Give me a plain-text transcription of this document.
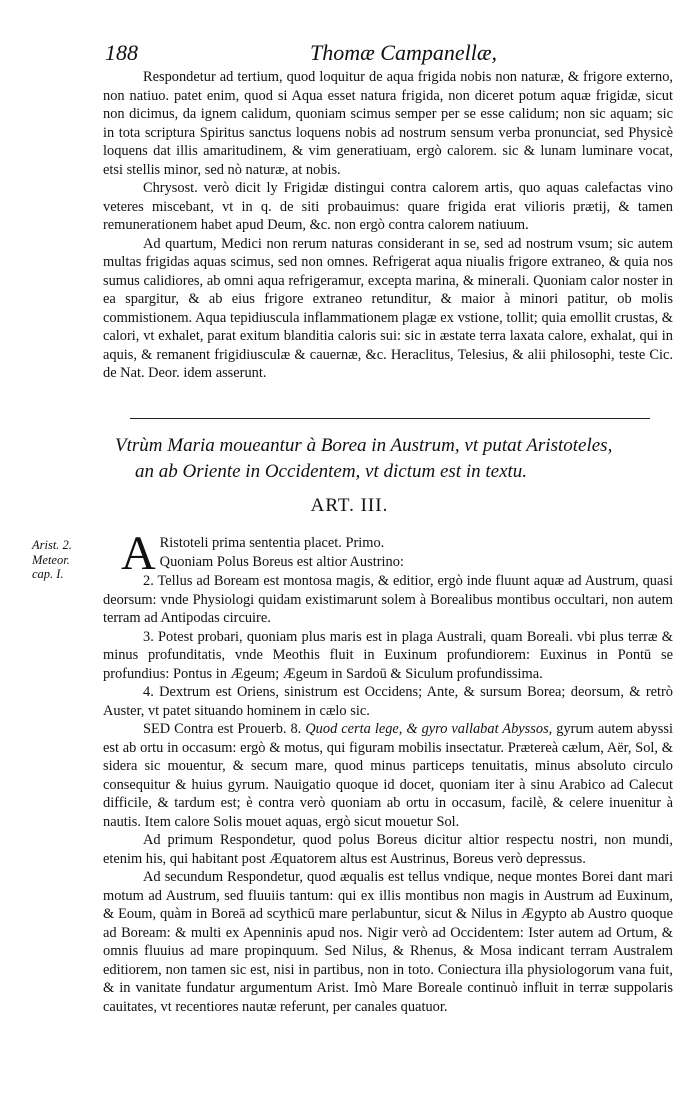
188	Thomæ Campanellæ,

Respondetur ad tertium, quod loquitur de aqua frigida nobis non naturæ, & frigore externo, non natiuo. patet enim, quod si Aqua esset natura frigida, non diceret potum aquæ frigidæ, sicut non dicimus, da ignem calidum, quoniam scimus semper per se esse calidum; non sic aquam; sic in tota scriptura Spiritus sanctus loquens nobis ad nostrum sensum verba pronunciat, sed Physicè loquens dat illis amaritudinem, & vim generatiuam, ergò calorem. sic & lunam luminare vocat, etsi stellis minor, sed nò naturæ, at nobis.

Chrysost. verò dicit ly Frigidæ distingui contra calorem artis, quo aquas calefactas vino veteres miscebant, vt in q. de siti probauimus: quare frigida erat vilioris prætij, & tamen remunerationem habet apud Deum, &c. non ergò contra calorem natiuum.

Ad quartum, Medici non rerum naturas considerant in se, sed ad nostrum vsum; sic autem multas frigidas aquas scimus, sed non omnes. Refrigerat aqua niualis frigore extraneo, & quia nos sumus calidiores, ab omni aqua refrigeramur, excepta marina, & minerali. Quoniam calor noster in ea spargitur, & ab eius frigore extraneo retunditur, & maior à minori patitur, ob molis commistionem. Aqua tepidiuscula inflammationem plagæ ex vstione, tollit; quia emollit crustas, & calori, vt exhalet, parat exitum blanditia caloris sui: sic in æstate terra laxata calore, exhalat, qui in aquis, & remanent frigidiusculæ & cauernæ, &c. Heraclitus, Telesius, & alii philosophi, teste Cic. de Nat. Deor. idem asserunt.

Vtrùm Maria moueantur à Borea in Austrum, vt putat Aristoteles,
an ab Oriente in Occidentem, vt dictum est in textu.
ART. III.
Arist. 2.
Meteor.
cap. I.	A Ristoteli prima sententia placet. Primo.
Quoniam Polus Boreus est altior Austrino:

2. Tellus ad Boream est montosa magis, & editior, ergò inde fluunt aquæ ad Austrum, quasi deorsum: vnde Physiologi quidam existimarunt solem à Borealibus montibus occultari, non autem terram ad Antipodas circuire.

3. Potest probari, quoniam plus maris est in plaga Australi, quam Boreali. vbi plus terræ & minus profunditatis, vnde Meothis fluit in Euxinum profundiorem: Euxinus in Pontū se profundius: Pontus in Ægeum; Ægeum in Sardoū & Siculum profundissima.

4. Dextrum est Oriens, sinistrum est Occidens; Ante, & sursum Borea; deorsum, & retrò Auster, vt patet situando hominem in cælo sic.

SED Contra est Prouerb. 8. Quod certa lege, & gyro vallabat Abyssos, gyrum autem abyssi est ab ortu in occasum: ergò & motus, qui figuram mobilis insectatur. Prætereà cælum, Aër, Sol, & sidera sic mouentur, & secum mare, quod minus particeps tenuitatis, minus absoluto circulo consequitur & huius gyrum. Nauigatio quoque id docet, quoniam iter à sinu Arabico ad Calecut difficile, & tardum est; è contra verò quoniam ab ortu in occasum, facilè, & celere inuenitur à nautis. Item calore Solis mouet aquas, ergò sicut mouetur Sol.

Ad primum Respondetur, quod polus Boreus dicitur altior respectu nostri, non mundi, etenim his, qui habitant post Æquatorem altus est Austrinus, Boreus verò depressus.

Ad secundum Respondetur, quod æqualis est tellus vndique, neque montes Borei dant mari motum ad Austrum, sed fluuiis tantum: qui ex illis montibus non magis in Austrum ad Euxinum, & Eoum, quàm in Boreā ad scythicū mare perlabuntur, sicut & Nilus in Ægypto ab Austro quoque ad Boream: & multi ex Apenninis apud nos. Nigir verò ad Occidentem: Ister autem ad Ortum, & omnis fluuius ad mare propinquum. Sed Nilus, & Rhenus, & Mosa indicant terram Australem editiorem, non tamen sic est, nisi in partibus, non in toto. Coniectura illa physiologorum vana fuit, & in vanitate fundatur argumentum Arist. Imò Mare Boreale continuò influit in terræ suppolaris cauitates, vt recentiores nautæ referunt, per canales quatuor.
